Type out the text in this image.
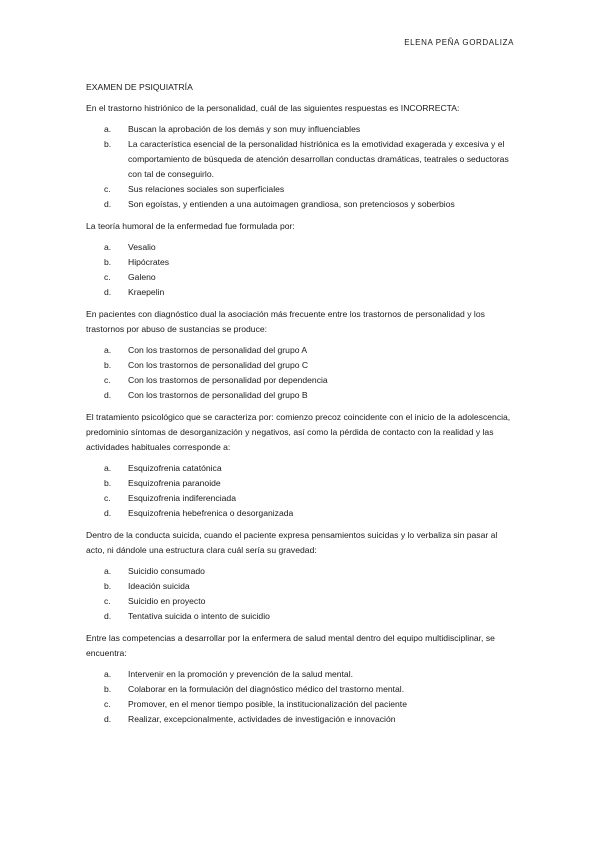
ELENA PEÑA GORDALIZA
EXAMEN DE PSIQUIATRÍA

En el trastorno histriónico de la personalidad, cuál de las siguientes respuestas es INCORRECTA:

a.	Buscan la aprobación de los demás y son muy influenciables
b.	La característica esencial de la personalidad histriónica es la emotividad exagerada y excesiva y el comportamiento de búsqueda de atención desarrollan conductas dramáticas, teatrales o seductoras con tal de conseguirlo.
c.	Sus relaciones sociales son superficiales
d.	Son egoístas, y entienden a una autoimagen grandiosa, son pretenciosos y soberbios

La teoría humoral de la enfermedad fue formulada por:

a.	Vesalio
b.	Hipócrates
c.	Galeno
d.	Kraepelin

En pacientes con diagnóstico dual la asociación más frecuente entre los trastornos de personalidad y los trastornos por abuso de sustancias se produce:

a.	Con los trastornos de personalidad del grupo A
b.	Con los trastornos de personalidad del grupo C
c.	Con los trastornos de personalidad por dependencia
d.	Con los trastornos de personalidad del grupo B

El tratamiento psicológico que se caracteriza por: comienzo precoz coincidente con el inicio de la adolescencia, predominio síntomas de desorganización y negativos, así como la pérdida de contacto con la realidad y las actividades habituales corresponde a:

a.	Esquizofrenia catatónica
b.	Esquizofrenia paranoide
c.	Esquizofrenia indiferenciada
d.	Esquizofrenia hebefrenica o desorganizada

Dentro de la conducta suicida, cuando el paciente expresa pensamientos suicidas y lo verbaliza sin pasar al acto, ni dándole una estructura clara cuál sería su gravedad:

a.	Suicidio consumado
b.	Ideación suicida
c.	Suicidio en proyecto
d.	Tentativa suicida o intento de suicidio

Entre las competencias a desarrollar por la enfermera de salud mental dentro del equipo multidisciplinar, se encuentra:

a.	Intervenir en la promoción y prevención de la salud mental.
b.	Colaborar en la formulación del diagnóstico médico del trastorno mental.
c.	Promover, en el menor tiempo posible, la institucionalización del paciente
d.	Realizar, excepcionalmente, actividades de investigación e innovación
